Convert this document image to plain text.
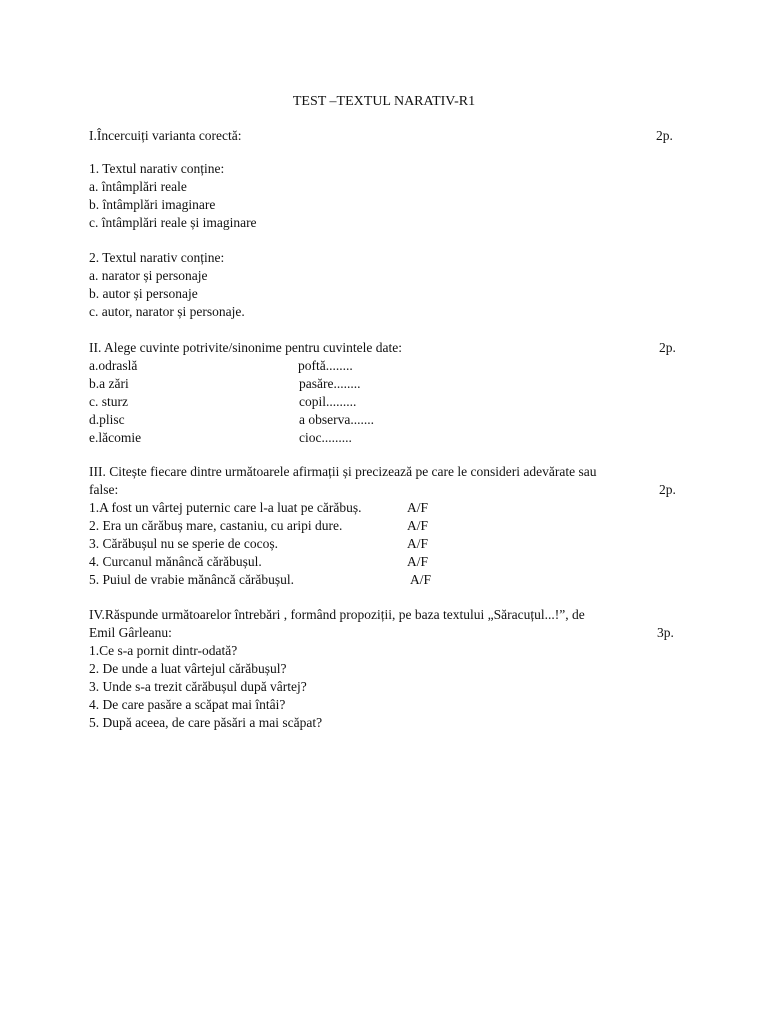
TEST –TEXTUL NARATIV-R1
I.Încercuiți varianta corectă:	2p.
1. Textul narativ conține:
a. întâmplări reale
b. întâmplări imaginare
c. întâmplări reale și imaginare
2. Textul narativ conține:
a. narator și personaje
b. autor și personaje
c. autor, narator și personaje.
II. Alege cuvinte potrivite/sinonime pentru cuvintele date:	2p.
a.odraslă	poftă........
b.a zări	pasăre........
c. sturz	copil.........
d.plisc	a observa.......
e.lăcomie	cioc.........
III. Citește fiecare dintre următoarele afirmații și precizează pe care le consideri adevărate sau
false:	2p.
1.A fost un vârtej puternic care l-a luat pe cărăbuș.	A/F
2. Era un cărăbuș mare, castaniu, cu aripi dure.	A/F
3. Cărăbușul nu se sperie de cocoș.	A/F
4. Curcanul mănâncă cărăbușul.	A/F
5. Puiul de vrabie mănâncă cărăbușul.	A/F
IV.Răspunde următoarelor întrebări , formând propoziții, pe baza textului „Săracuțul...!”, de
Emil Gârleanu:	3p.
1.Ce s-a pornit dintr-odată?
2. De unde a luat vârtejul cărăbușul?
3. Unde s-a trezit cărăbușul după vârtej?
4. De care pasăre a scăpat mai întâi?
5. După aceea, de care păsări a mai scăpat?
